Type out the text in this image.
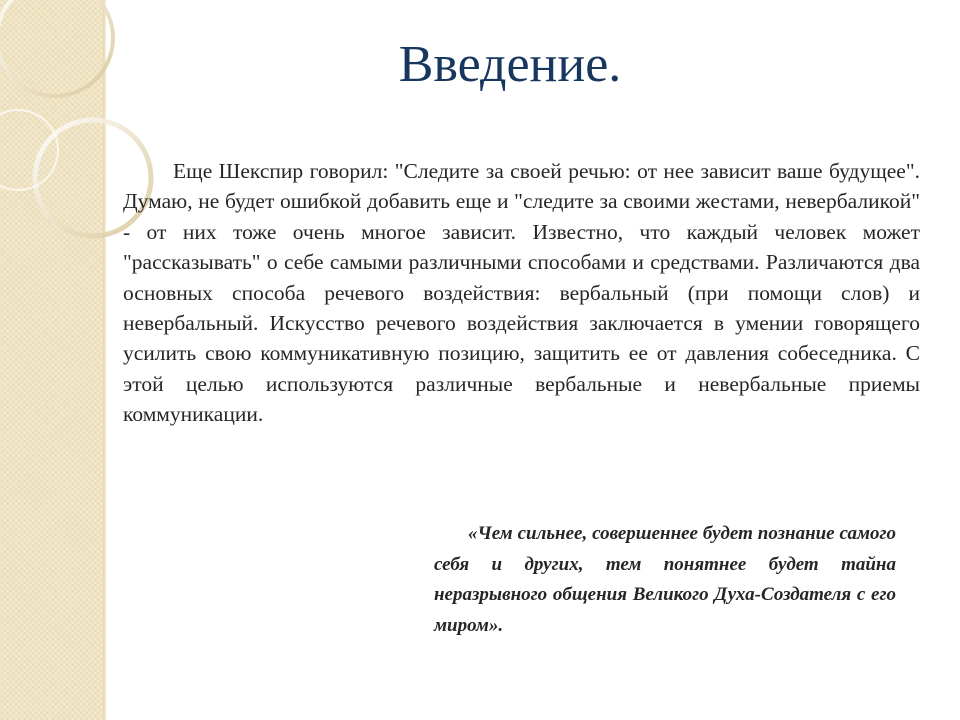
Введение.

Еще Шекспир говорил: "Следите за своей речью: от нее зависит ваше будущее". Думаю, не будет ошибкой добавить еще и "следите за своими жестами, невербаликой" - от них тоже очень многое зависит. Известно, что каждый человек может "рассказывать" о себе самыми различными способами и средствами. Различаются два основных способа речевого воздействия: вербальный (при помощи слов) и невербальный. Искусство речевого воздействия заключается в умении говорящего усилить свою коммуникативную позицию, защитить ее от давления собеседника. С этой целью используются различные вербальные и невербальные приемы коммуникации.

«Чем сильнее, совершеннее будет познание самого себя и других, тем понятнее будет тайна неразрывного общения Великого Духа-Создателя с его миром».
